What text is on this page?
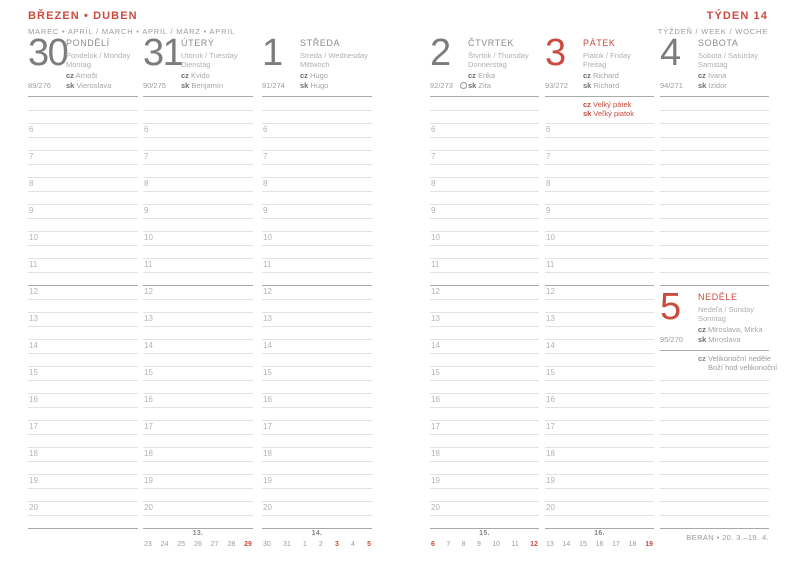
BŘEZEN • DUBEN
MAREC • APRÍL / MARCH • APRIL / MÄRZ • APRIL
TÝDEN 14
TÝŽDEŇ / WEEK / WOCHE
30
PONDĚLÍ
Pondelok / Monday
Montag
cz Arnošt
sk Vieroslava
89/276
6
7
8
9
10
11
12
13
14
15
16
17
18
19
20
31
ÚTERÝ
Utorok / Tuesday
Dienstag
cz Kvido
sk Benjamín
90/275
6
7
8
9
10
11
12
13
14
15
16
17
18
19
20
13.
23 24 25 26 27 28 29
1 STŘEDA
Streda / Wednesday
Mittwoch
cz Hugo
sk Hugo
91/274
6
7
8
9
10
11
12
13
14
15
16
17
18
19
20
14.
30 31 1 2 3 4 5
2 ČTVRTEK
Štvrtok / Thursday
Donnerstag
cz Erika
sk Zita
92/273
6
7
8
9
10
11
12
13
14
15
16
17
18
19
20
15.
6 7 8 9 10 11 12
3 PÁTEK
Piatok / Friday
Freitag
cz Richard
sk Richard
93/272
cz Velký pátek
sk Veľký piatok
6
7
8
9
10
11
12
13
14
15
16
17
18
19
20
16.
13 14 15 16 17 18 19
4 SOBOTA
Sobota / Saturday
Samstag
cz Ivana
sk Izidor
94/271
5 NEDĚLE
Nedeľa / Sunday
Sonntag
cz Miroslava, Mirka
sk Miroslava
95/270
cz Velikonoční neděle
Boží hod velikonoční
BERAN • 20. 3.–19. 4.
